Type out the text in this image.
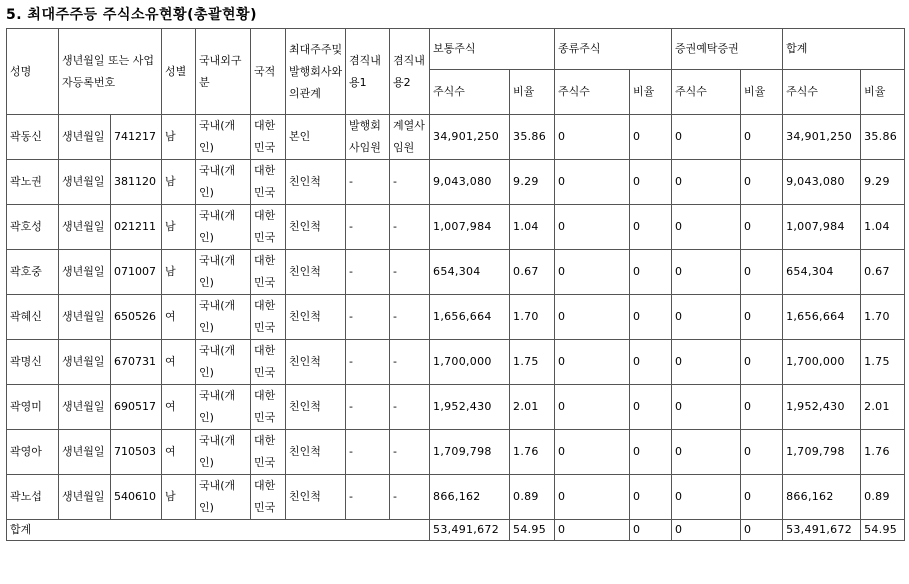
5. 최대주주등 주식소유현황(총괄현황)
성명	생년월일 또는 사업자등록번호		성별	국내외구분	국적	최대주주및 발행회사와의관계	겸직내용1	겸직내용2	보통주식		종류주식		증권예탁증권		합계	
									주식수	비율	주식수	비율	주식수	비율	주식수	비율
곽동신	생년월일	741217	남	국내(개인)	대한민국	본인	발행회사임원	계열사임원	34,901,250	35.86	0	0	0	0	34,901,250	35.86
곽노권	생년월일	381120	남	국내(개인)	대한민국	친인척	-	-	9,043,080	9.29	0	0	0	0	9,043,080	9.29
곽호성	생년월일	021211	남	국내(개인)	대한민국	친인척	-	-	1,007,984	1.04	0	0	0	0	1,007,984	1.04
곽호중	생년월일	071007	남	국내(개인)	대한민국	친인척	-	-	654,304	0.67	0	0	0	0	654,304	0.67
곽혜신	생년월일	650526	여	국내(개인)	대한민국	친인척	-	-	1,656,664	1.70	0	0	0	0	1,656,664	1.70
곽명신	생년월일	670731	여	국내(개인)	대한민국	친인척	-	-	1,700,000	1.75	0	0	0	0	1,700,000	1.75
곽영미	생년월일	690517	여	국내(개인)	대한민국	친인척	-	-	1,952,430	2.01	0	0	0	0	1,952,430	2.01
곽영아	생년월일	710503	여	국내(개인)	대한민국	친인척	-	-	1,709,798	1.76	0	0	0	0	1,709,798	1.76
곽노섭	생년월일	540610	남	국내(개인)	대한민국	친인척	-	-	866,162	0.89	0	0	0	0	866,162	0.89
합계									53,491,672	54.95	0	0	0	0	53,491,672	54.95
